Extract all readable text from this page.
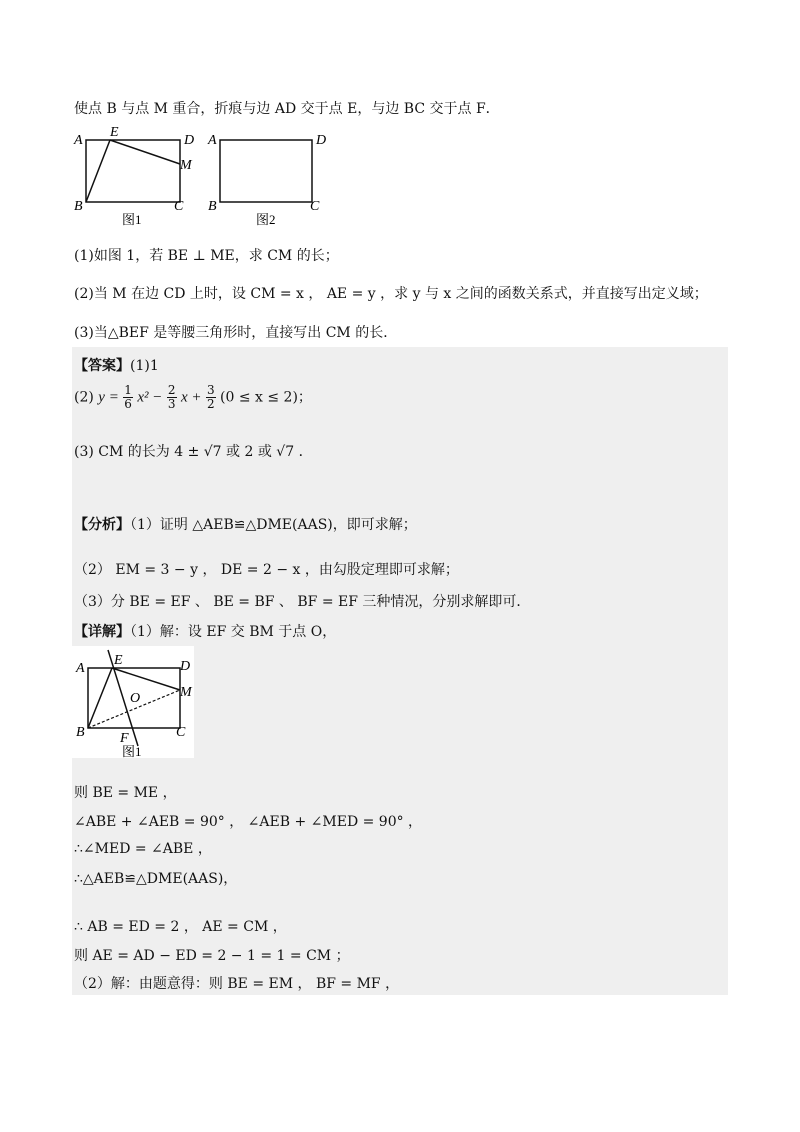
使点 B 与点 M 重合，折痕与边 AD 交于点 E，与边 BC 交于点 F．
A
E
D
M
B	C
图1
A	D
B	C
图2
(1)如图 1，若 BE ⊥ ME，求 CM 的长；
(2)当 M 在边 CD 上时，设 CM = x ， AE = y ，求 y 与 x 之间的函数关系式，并直接写出定义域；
(3)当△BEF 是等腰三角形时，直接写出 CM 的长．
【答案】(1)1
(2) $y = \frac{1}{6} x^2 - \frac{2}{3}$ $x + \frac{3}{2} (0 \le x \le 2)$；
(3) CM 的长为 4 ± √7 或 2 或 √7 ．
【分析】（1）证明 △AEB≌△DME(AAS)，即可求解；
（2） EM = 3 − y ， DE = 2 − x ，由勾股定理即可求解；
（3）分 BE = EF 、 BE = BF 、 BF = EF 三种情况，分别求解即可．
【详解】（1）解：设 EF 交 BM 于点 O，
A
E	D
M
O
B	C
F
图1
则 BE = ME ，
∠ABE + ∠AEB = 90° ， ∠AEB + ∠MED = 90° ，
∴∠MED = ∠ABE ，
∴△AEB≌△DME(AAS)，
∴ AB = ED = 2 ， AE = CM ，
则 AE = AD − ED = 2 − 1 = 1 = CM ；
（2）解：由题意得：则 BE = EM ， BF = MF ，
